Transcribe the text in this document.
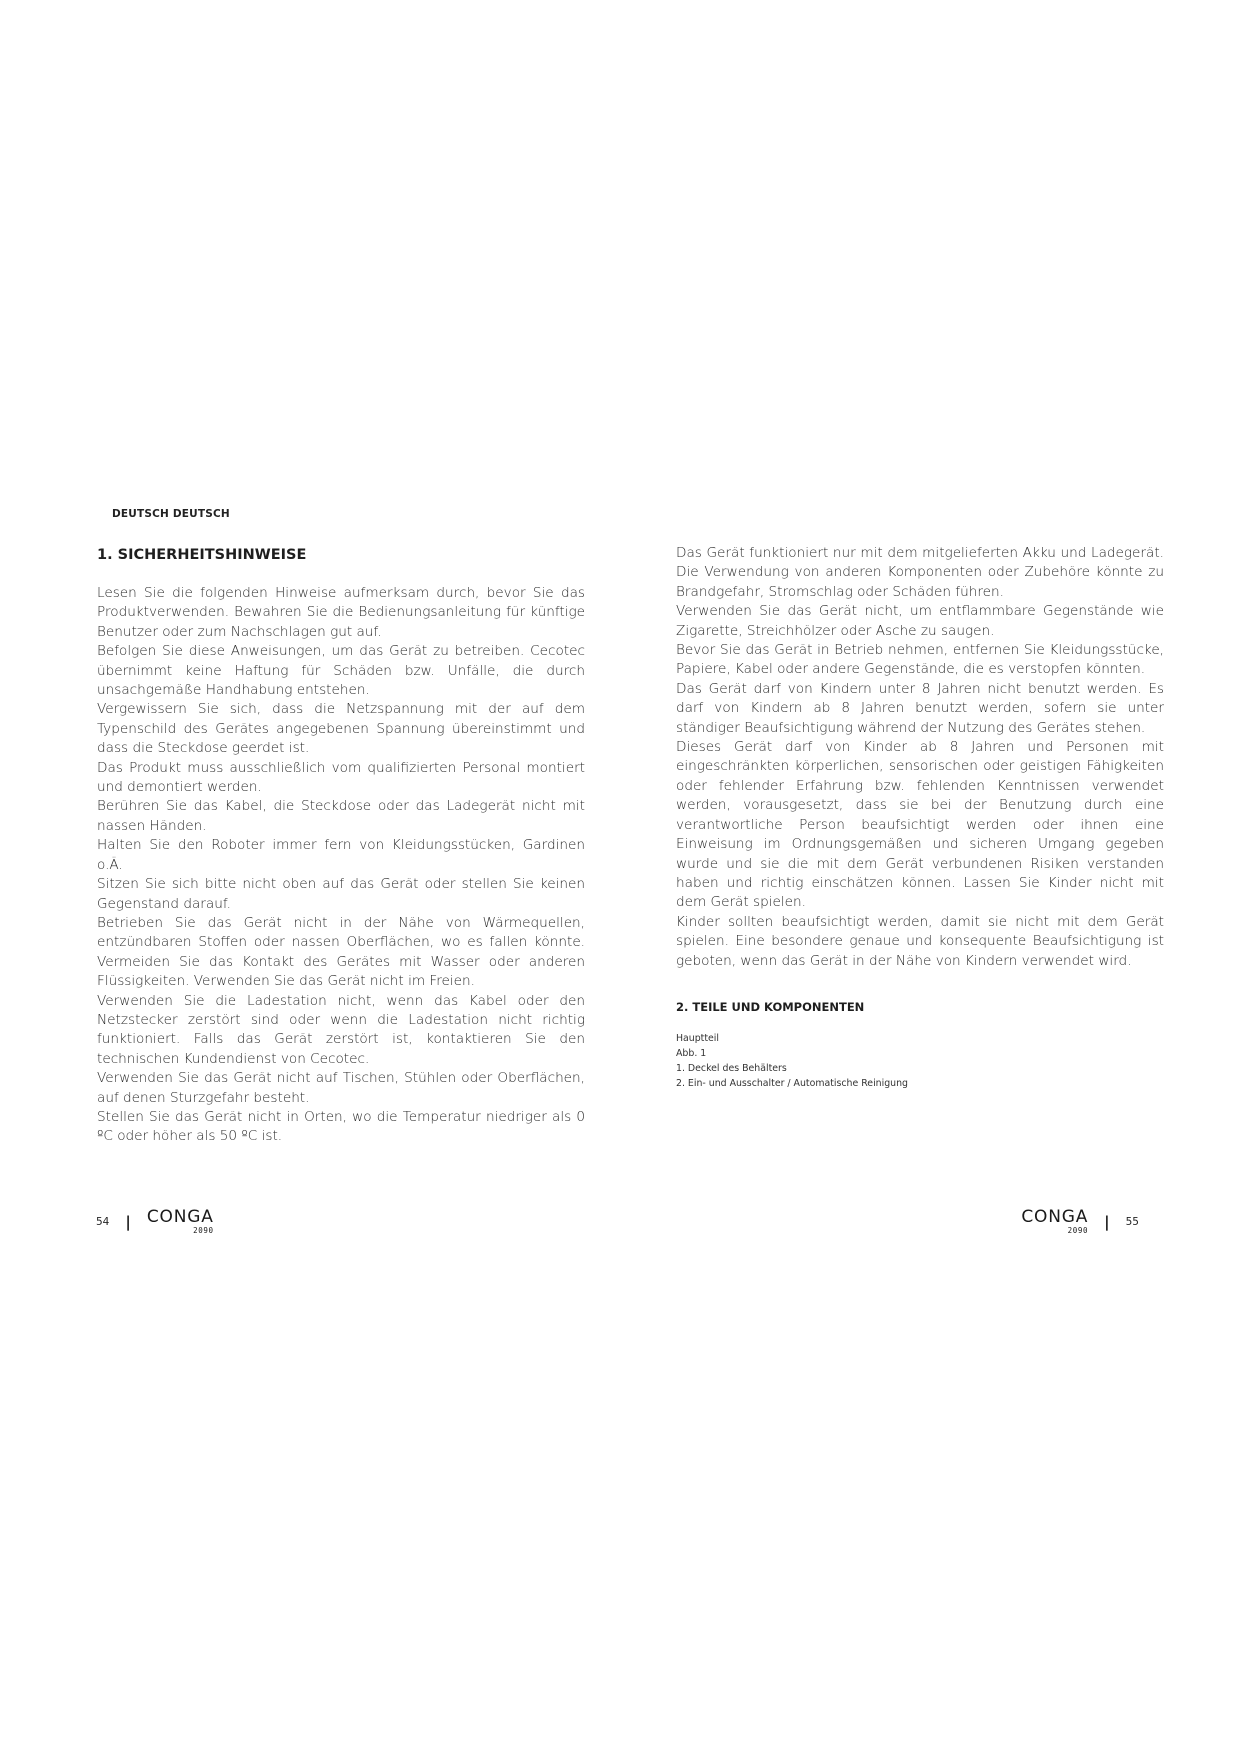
DEUTSCH DEUTSCH
1. SICHERHEITSHINWEISE

Lesen Sie die folgenden Hinweise aufmerksam durch, bevor Sie das Produktverwenden. Bewahren Sie die Bedienungsanleitung für künftige Benutzer oder zum Nachschlagen gut auf.

Befolgen Sie diese Anweisungen, um das Gerät zu betreiben. Cecotec übernimmt keine Haftung für Schäden bzw. Unfälle, die durch unsachgemäße Handhabung entstehen.

Vergewissern Sie sich, dass die Netzspannung mit der auf dem Typenschild des Gerätes angegebenen Spannung übereinstimmt und dass die Steckdose geerdet ist.

Das Produkt muss ausschließlich vom qualifizierten Personal montiert und demontiert werden.

Berühren Sie das Kabel, die Steckdose oder das Ladegerät nicht mit nassen Händen.

Halten Sie den Roboter immer fern von Kleidungsstücken, Gardinen o.Ä.

Sitzen Sie sich bitte nicht oben auf das Gerät oder stellen Sie keinen Gegenstand darauf.

Betrieben Sie das Gerät nicht in der Nähe von Wärmequellen, entzündbaren Stoffen oder nassen Oberflächen, wo es fallen könnte. Vermeiden Sie das Kontakt des Gerätes mit Wasser oder anderen Flüssigkeiten. Verwenden Sie das Gerät nicht im Freien.

Verwenden Sie die Ladestation nicht, wenn das Kabel oder den Netzstecker zerstört sind oder wenn die Ladestation nicht richtig funktioniert. Falls das Gerät zerstört ist, kontaktieren Sie den technischen Kundendienst von Cecotec.

Verwenden Sie das Gerät nicht auf Tischen, Stühlen oder Oberflächen, auf denen Sturzgefahr besteht.

Stellen Sie das Gerät nicht in Orten, wo die Temperatur niedriger als 0 ºC oder höher als 50 ºC ist.

Das Gerät funktioniert nur mit dem mitgelieferten Akku und Ladegerät. Die Verwendung von anderen Komponenten oder Zubehöre könnte zu Brandgefahr, Stromschlag oder Schäden führen.

Verwenden Sie das Gerät nicht, um entflammbare Gegenstände wie Zigarette, Streichhölzer oder Asche zu saugen.

Bevor Sie das Gerät in Betrieb nehmen, entfernen Sie Kleidungsstücke, Papiere, Kabel oder andere Gegenstände, die es verstopfen könnten.

Das Gerät darf von Kindern unter 8 Jahren nicht benutzt werden. Es darf von Kindern ab 8 Jahren benutzt werden, sofern sie unter ständiger Beaufsichtigung während der Nutzung des Gerätes stehen.

Dieses Gerät darf von Kinder ab 8 Jahren und Personen mit eingeschränkten körperlichen, sensorischen oder geistigen Fähigkeiten oder fehlender Erfahrung bzw. fehlenden Kenntnissen verwendet werden, vorausgesetzt, dass sie bei der Benutzung durch eine verantwortliche Person beaufsichtigt werden oder ihnen eine Einweisung im Ordnungsgemäßen und sicheren Umgang gegeben wurde und sie die mit dem Gerät verbundenen Risiken verstanden haben und richtig einschätzen können. Lassen Sie Kinder nicht mit dem Gerät spielen.

Kinder sollten beaufsichtigt werden, damit sie nicht mit dem Gerät spielen. Eine besondere genaue und konsequente Beaufsichtigung ist geboten, wenn das Gerät in der Nähe von Kindern verwendet wird.

2. TEILE UND KOMPONENTEN

Hauptteil

Abb. 1

1. Deckel des Behälters

2. Ein- und Ausschalter / Automatische Reinigung

54 | CONGA
2090
CONGA
2090 | 55
